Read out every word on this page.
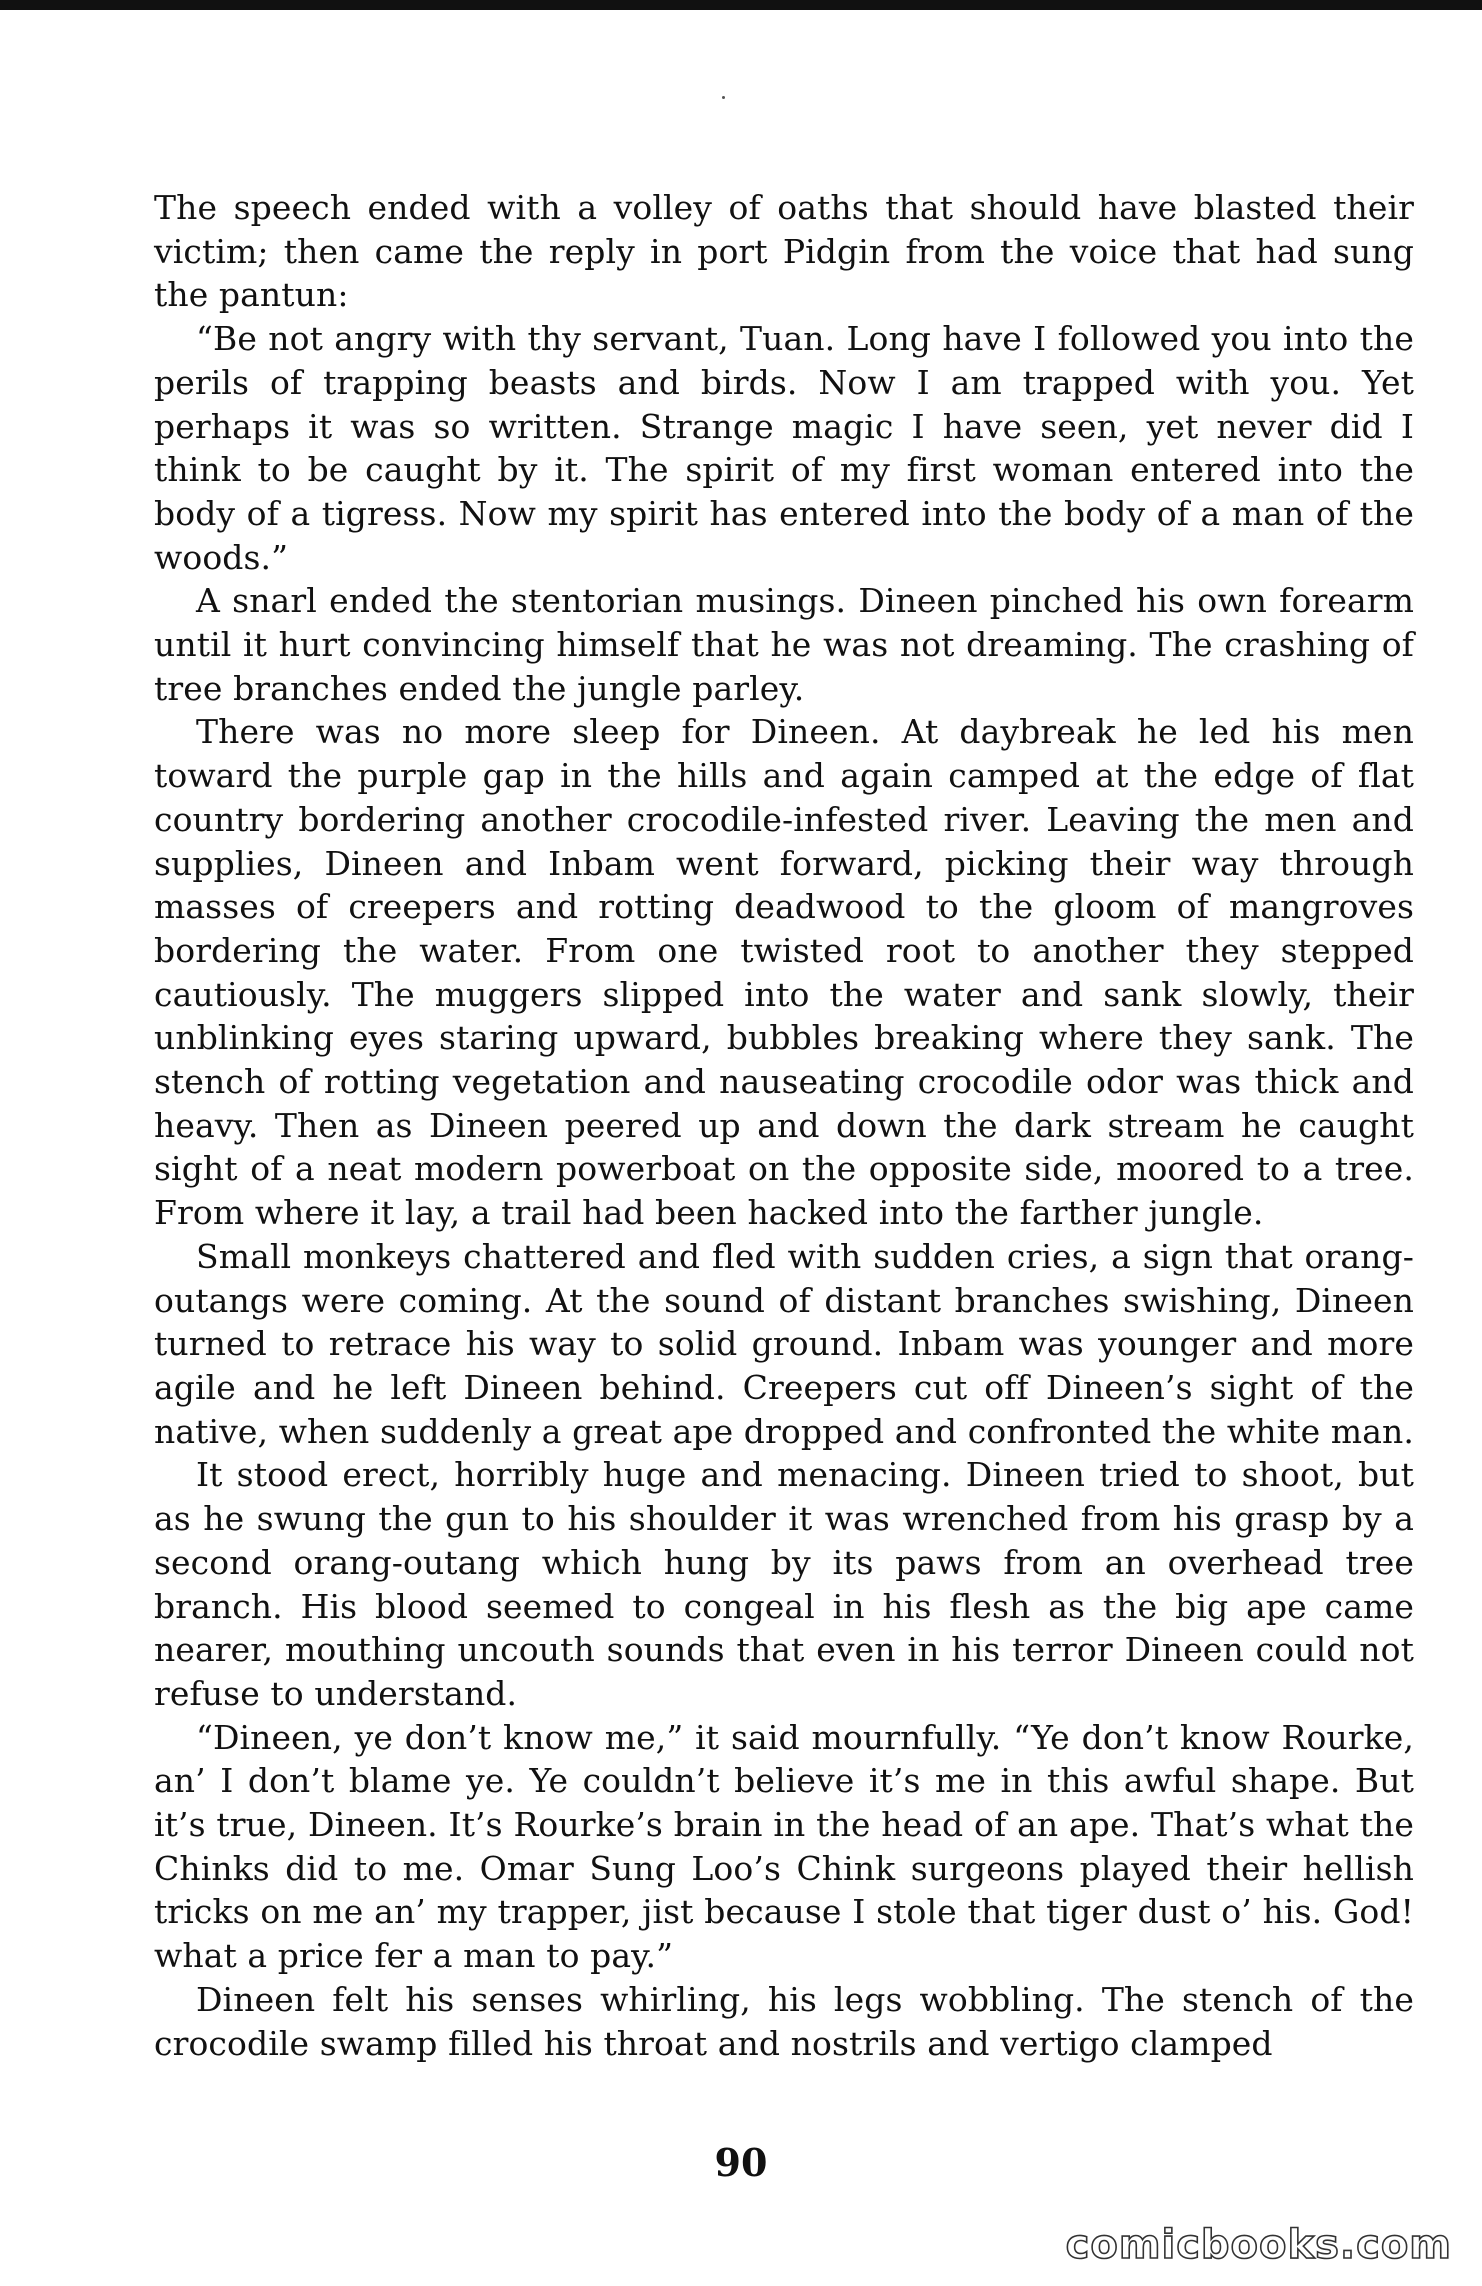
The speech ended with a volley of oaths that should have blasted their victim; then came the reply in port Pidgin from the voice that had sung the pantun:

“Be not angry with thy servant, Tuan. Long have I followed you into the perils of trapping beasts and birds. Now I am trapped with you. Yet perhaps it was so written. Strange magic I have seen, yet never did I think to be caught by it. The spirit of my first woman entered into the body of a tigress. Now my spirit has entered into the body of a man of the woods.”

A snarl ended the stentorian musings. Dineen pinched his own forearm until it hurt convincing himself that he was not dreaming. The crashing of tree branches ended the jungle parley.

There was no more sleep for Dineen. At daybreak he led his men toward the purple gap in the hills and again camped at the edge of flat country bordering another crocodile-infested river. Leaving the men and supplies, Dineen and Inbam went forward, picking their way through masses of creepers and rotting deadwood to the gloom of mangroves bordering the water. From one twisted root to another they stepped cautiously. The muggers slipped into the water and sank slowly, their unblinking eyes staring upward, bubbles breaking where they sank. The stench of rotting vegetation and nauseating crocodile odor was thick and heavy. Then as Dineen peered up and down the dark stream he caught sight of a neat modern powerboat on the opposite side, moored to a tree. From where it lay, a trail had been hacked into the farther jungle.

Small monkeys chattered and fled with sudden cries, a sign that orang-outangs were coming. At the sound of distant branches swishing, Dineen turned to retrace his way to solid ground. Inbam was younger and more agile and he left Dineen behind. Creepers cut off Dineen’s sight of the native, when suddenly a great ape dropped and confronted the white man.

It stood erect, horribly huge and menacing. Dineen tried to shoot, but as he swung the gun to his shoulder it was wrenched from his grasp by a second orang-outang which hung by its paws from an overhead tree branch. His blood seemed to congeal in his flesh as the big ape came nearer, mouthing uncouth sounds that even in his terror Dineen could not refuse to understand.

“Dineen, ye don’t know me,” it said mournfully. “Ye don’t know Rourke, an’ I don’t blame ye. Ye couldn’t believe it’s me in this awful shape. But it’s true, Dineen. It’s Rourke’s brain in the head of an ape. That’s what the Chinks did to me. Omar Sung Loo’s Chink surgeons played their hellish tricks on me an’ my trapper, jist because I stole that tiger dust o’ his. God! what a price fer a man to pay.”

Dineen felt his senses whirling, his legs wobbling. The stench of the crocodile swamp filled his throat and nostrils and vertigo clamped

90
comicbooks.com
